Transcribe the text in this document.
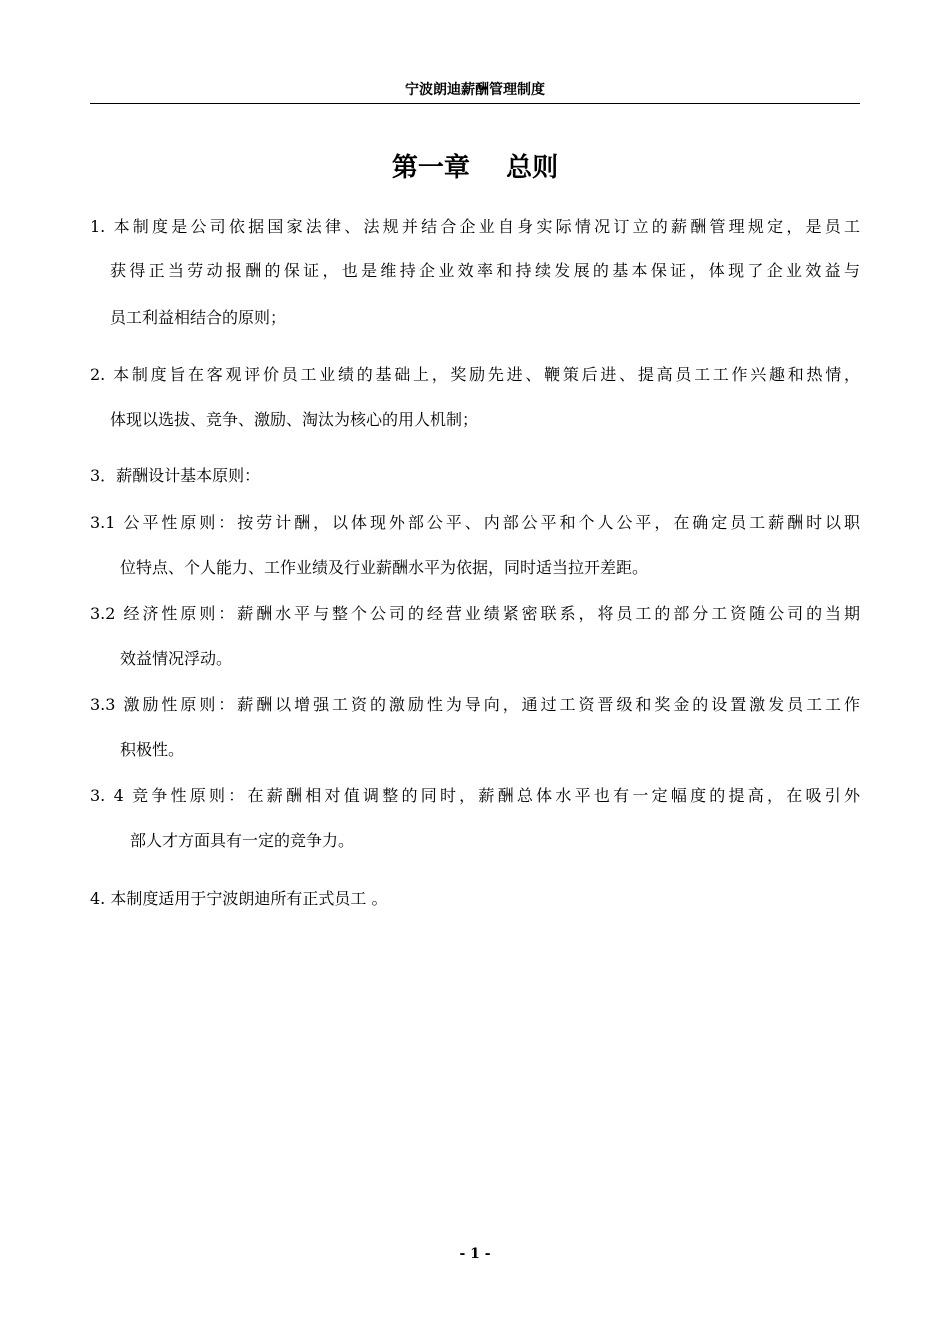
宁波朗迪薪酬管理制度
第一章    总则
1. 本制度是公司依据国家法律、法规并结合企业自身实际情况订立的薪酬管理规定，是员工
获得正当劳动报酬的保证，也是维持企业效率和持续发展的基本保证，体现了企业效益与
员工利益相结合的原则；
2. 本制度旨在客观评价员工业绩的基础上，奖励先进、鞭策后进、提高员工工作兴趣和热情，
体现以选拔、竞争、激励、淘汰为核心的用人机制；
3．薪酬设计基本原则：
3.1 公平性原则：按劳计酬，以体现外部公平、内部公平和个人公平，在确定员工薪酬时以职
位特点、个人能力、工作业绩及行业薪酬水平为依据，同时适当拉开差距。
3.2 经济性原则：薪酬水平与整个公司的经营业绩紧密联系，将员工的部分工资随公司的当期
效益情况浮动。
3.3 激励性原则：薪酬以增强工资的激励性为导向，通过工资晋级和奖金的设置激发员工工作
积极性。
3. 4 竞争性原则：在薪酬相对值调整的同时，薪酬总体水平也有一定幅度的提高，在吸引外
部人才方面具有一定的竞争力。
4. 本制度适用于宁波朗迪所有正式员工 。
- 1 -
